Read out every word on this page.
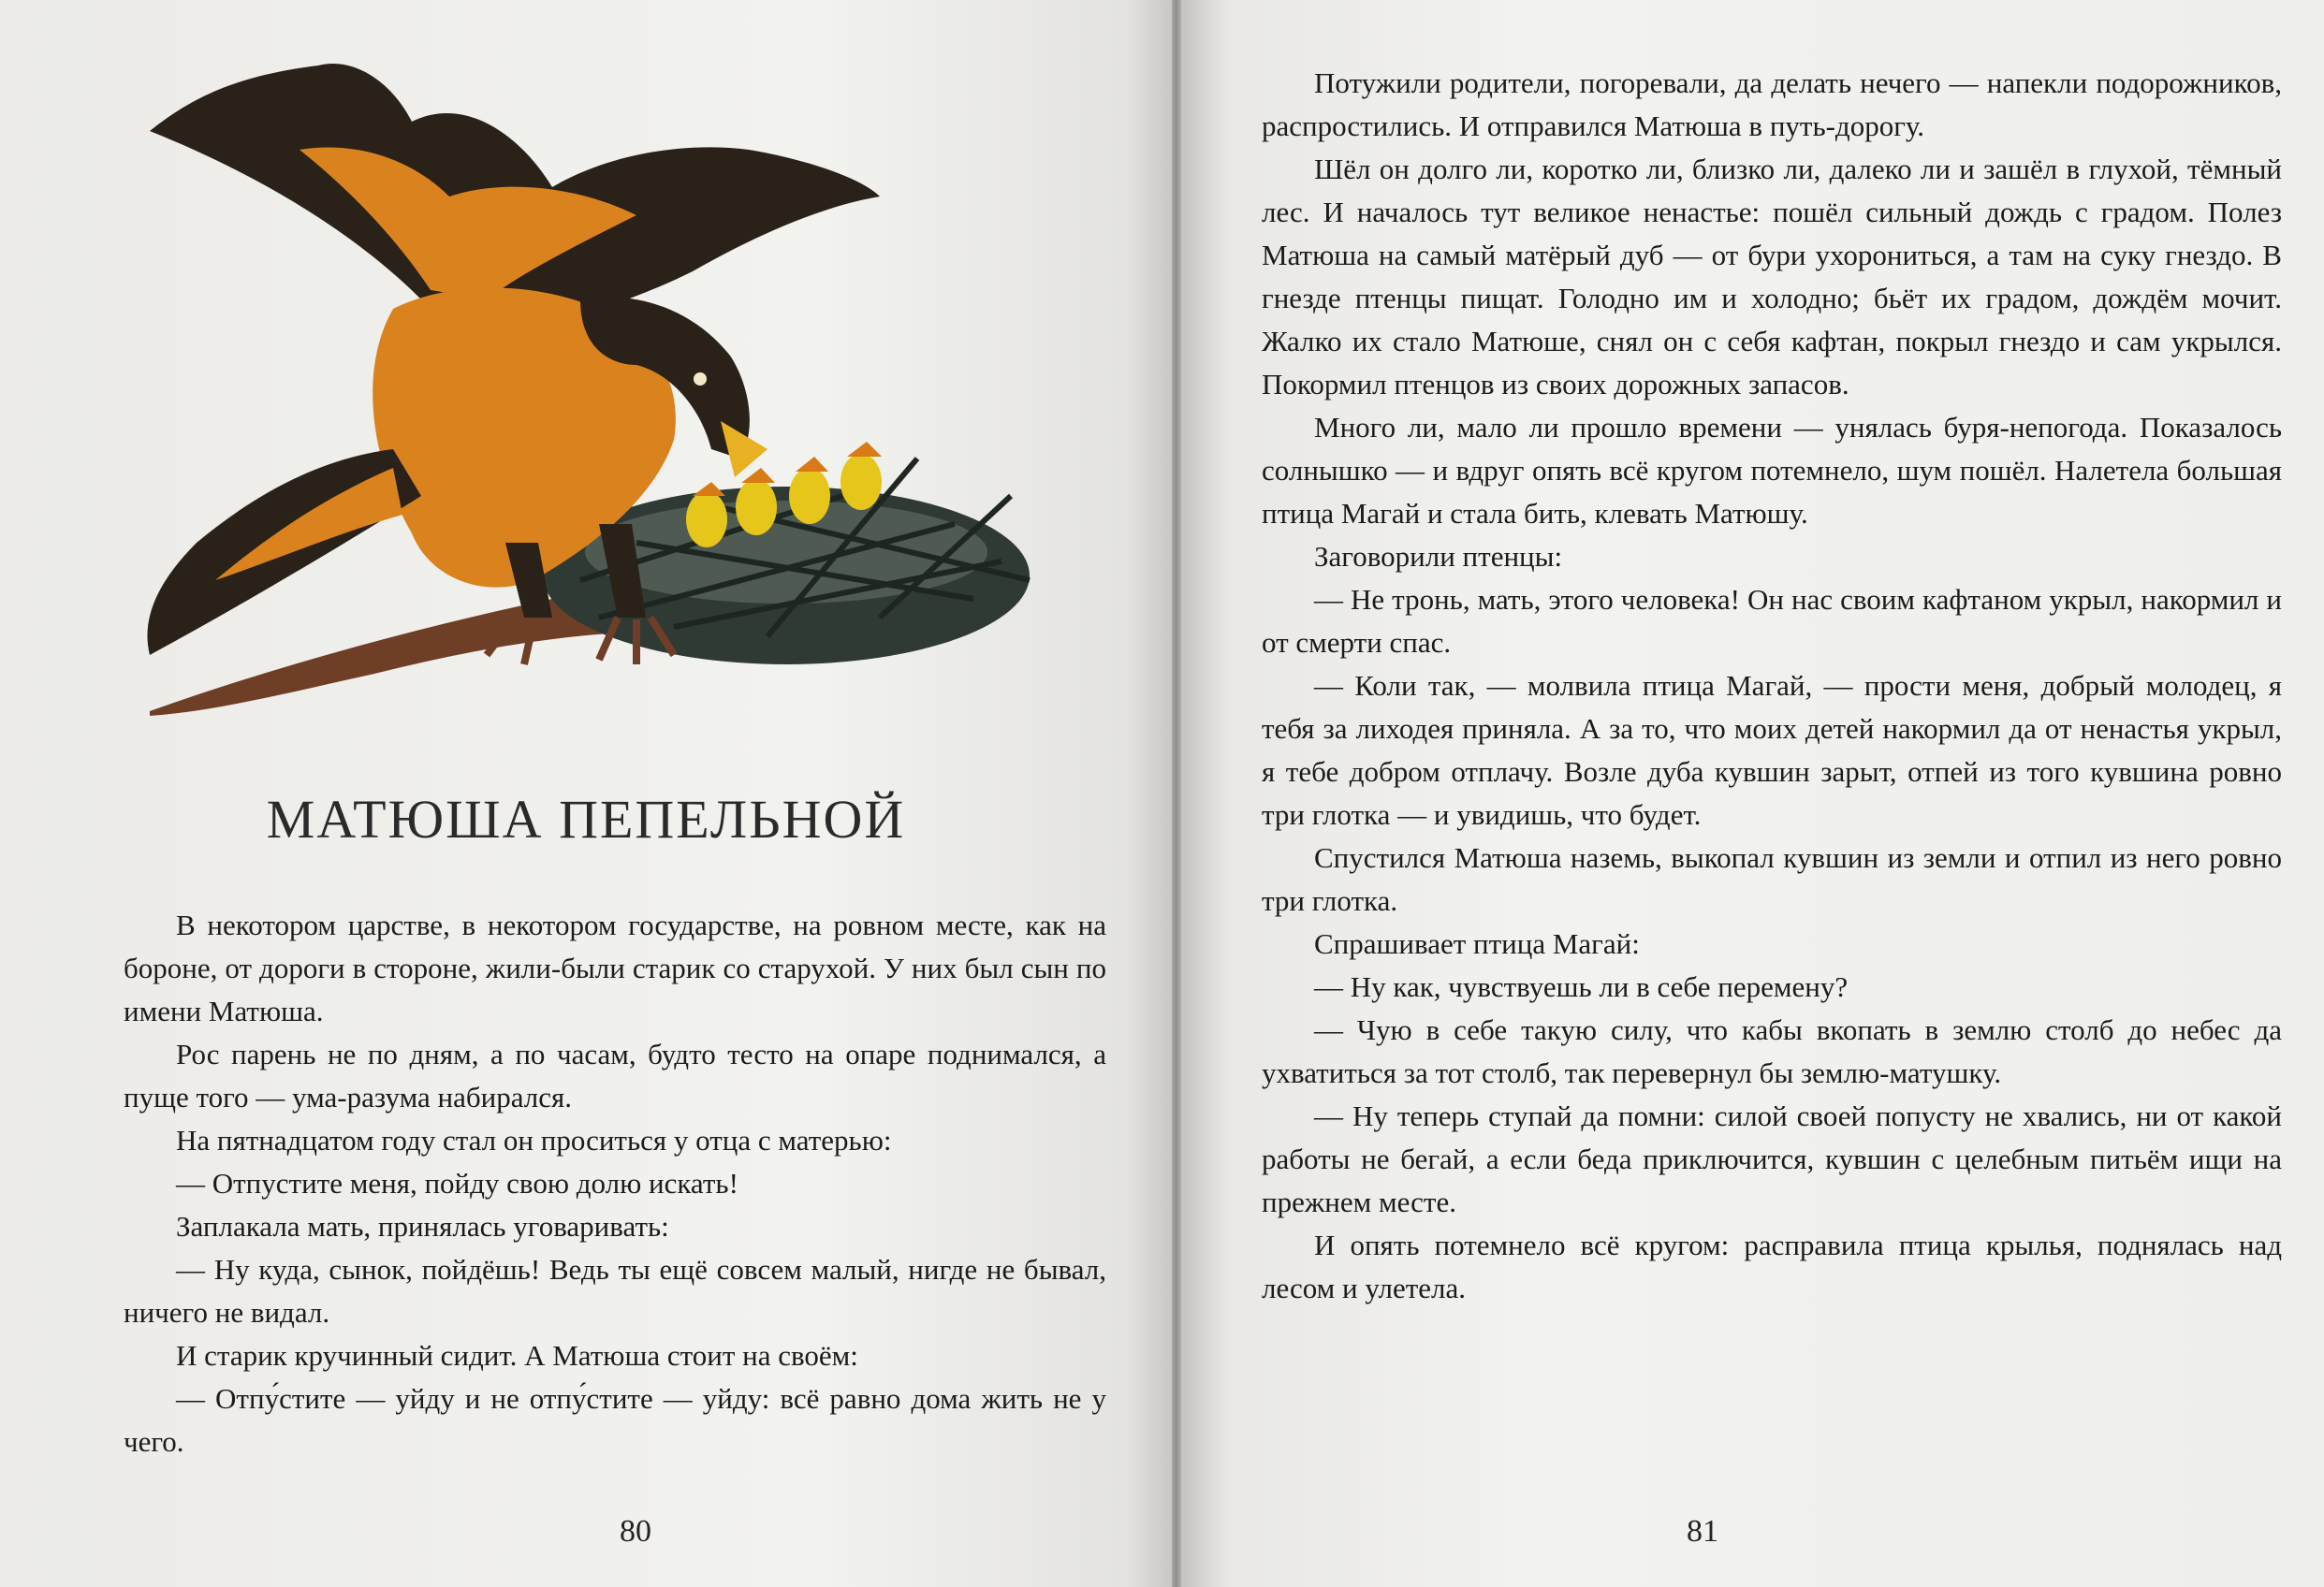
МАТЮША ПЕПЕЛЬНОЙ

В некотором царстве, в некотором государстве, на ровном месте, как на бороне, от дороги в стороне, жили-были старик со старухой. У них был сын по имени Матюша.

Рос парень не по дням, а по часам, будто тесто на опаре поднимался, а пуще того — ума-разума набирался.

На пятнадцатом году стал он проситься у отца с матерью:

— Отпустите меня, пойду свою долю искать!

Заплакала мать, принялась уговаривать:

— Ну куда, сынок, пойдёшь! Ведь ты ещё совсем малый, нигде не бывал, ничего не видал.

И старик кручинный сидит. А Матюша стоит на своём:

— Отпу́стите — уйду и не отпу́стите — уйду: всё равно дома жить не у чего.

80

Потужили родители, погоревали, да делать нечего — напекли подорожников, распростились. И отправился Матюша в путь-дорогу.

Шёл он долго ли, коротко ли, близко ли, далеко ли и зашёл в глухой, тёмный лес. И началось тут великое ненастье: пошёл сильный дождь с градом. Полез Матюша на самый матёрый дуб — от бури ухорониться, а там на суку гнездо. В гнезде птенцы пищат. Голодно им и холодно; бьёт их градом, дождём мочит. Жалко их стало Матюше, снял он с себя кафтан, покрыл гнездо и сам укрылся. Покормил птенцов из своих дорожных запасов.

Много ли, мало ли прошло времени — унялась буря-непогода. Показалось солнышко — и вдруг опять всё кругом потемнело, шум пошёл. Налетела большая птица Магай и стала бить, клевать Матюшу.

Заговорили птенцы:

— Не тронь, мать, этого человека! Он нас своим кафтаном укрыл, накормил и от смерти спас.

— Коли так, — молвила птица Магай, — прости меня, добрый молодец, я тебя за лиходея приняла. А за то, что моих детей накормил да от ненастья укрыл, я тебе добром отплачу. Возле дуба кувшин зарыт, отпей из того кувшина ровно три глотка — и увидишь, что будет.

Спустился Матюша наземь, выкопал кувшин из земли и отпил из него ровно три глотка.

Спрашивает птица Магай:

— Ну как, чувствуешь ли в себе перемену?

— Чую в себе такую силу, что кабы вкопать в землю столб до небес да ухватиться за тот столб, так перевернул бы землю-матушку.

— Ну теперь ступай да помни: силой своей попусту не хвались, ни от какой работы не бегай, а если беда приключится, кувшин с целебным питьём ищи на прежнем месте.

И опять потемнело всё кругом: расправила птица крылья, поднялась над лесом и улетела.

81
